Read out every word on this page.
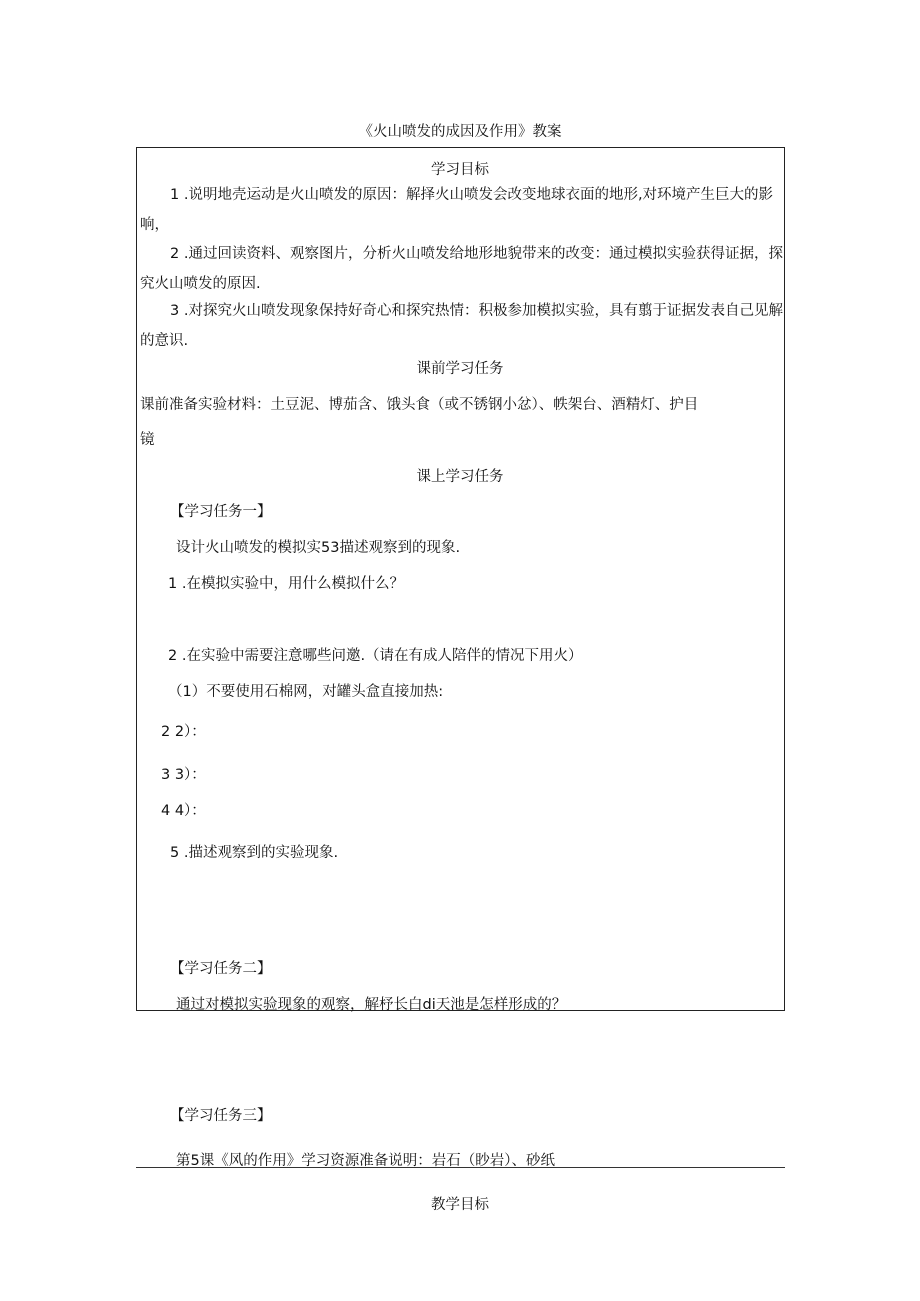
《火山喷发的成因及作用》教案
学习目标
1 .说明地壳运动是火山喷发的原因：解择火山喷发会改变地球衣面的地形,对环境产生巨大的影响，
2 .通过回读资料、观察图片，分析火山喷发给地形地貌带来的改变：通过模拟实验获得证据，探究火山喷发的原因.
3 .对探究火山喷发现象保持好奇心和探究热情：积极参加模拟实验，具有翦于证据发表自己见解的意识.
课前学习任务
课前准备实验材料：土豆泥、博茄含、饿头食（或不锈钢小忿）、帙架台、酒精灯、护目
镜
课上学习任务
【学习任务一】
设计火山喷发的模拟实53描述观察到的现象.
1 .在模拟实验中，用什么模拟什么？
2 .在实验中需要注意哪些问邀.（请在有成人陪伴的情况下用火）
（1）不要使用石棉网，对罐头盒直接加热:
2 2）：
3 3）：
4 4）：
5 .描述观察到的实验现象.
【学习任务二】
通过对模拟实验现象的观察，解杼长白di天池是怎样形成的？
【学习任务三】
第5课《风的作用》学习资源准备说明：岩石（眇岩）、砂纸
教学目标
